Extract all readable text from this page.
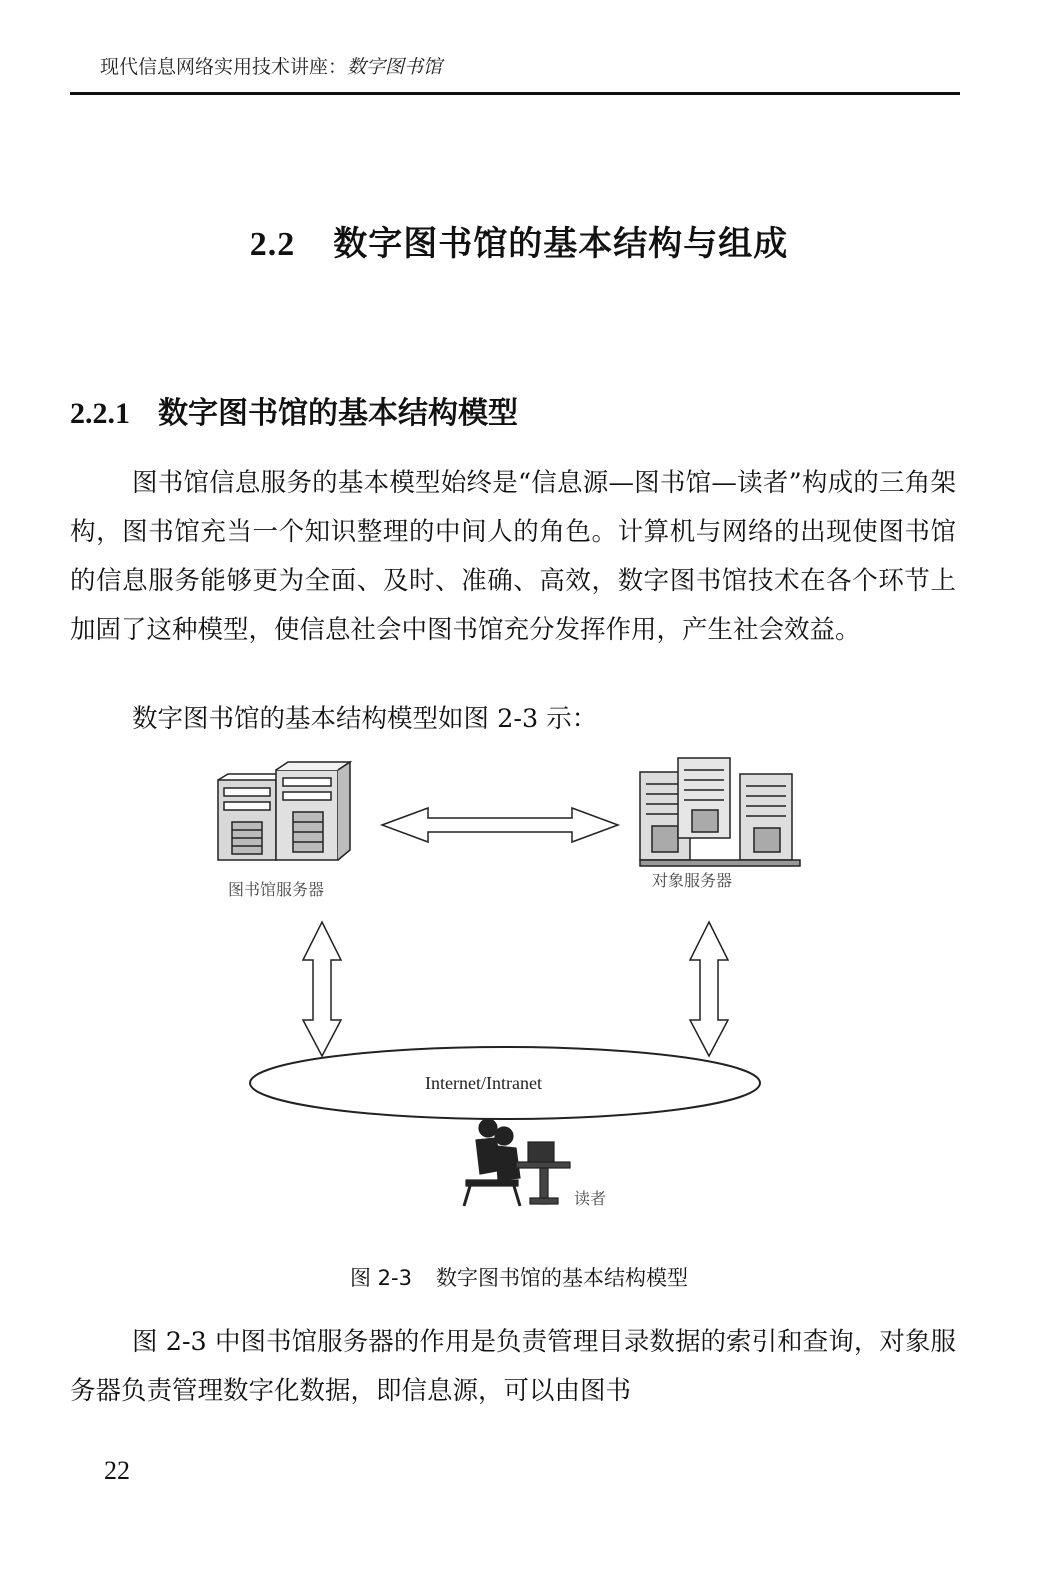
现代信息网络实用技术讲座：数字图书馆
2.2 数字图书馆的基本结构与组成
2.2.1 数字图书馆的基本结构模型

图书馆信息服务的基本模型始终是“信息源—图书馆—读者”构成的三角架构，图书馆充当一个知识整理的中间人的角色。计算机与网络的出现使图书馆的信息服务能够更为全面、及时、准确、高效，数字图书馆技术在各个环节上加固了这种模型，使信息社会中图书馆充分发挥作用，产生社会效益。

数字图书馆的基本结构模型如图 2-3 示：

图书馆服务器	对象服务器
Internet/Intranet
读者
图 2-3 数字图书馆的基本结构模型

图 2-3 中图书馆服务器的作用是负责管理目录数据的索引和查询，对象服务器负责管理数字化数据，即信息源，可以由图书

22
